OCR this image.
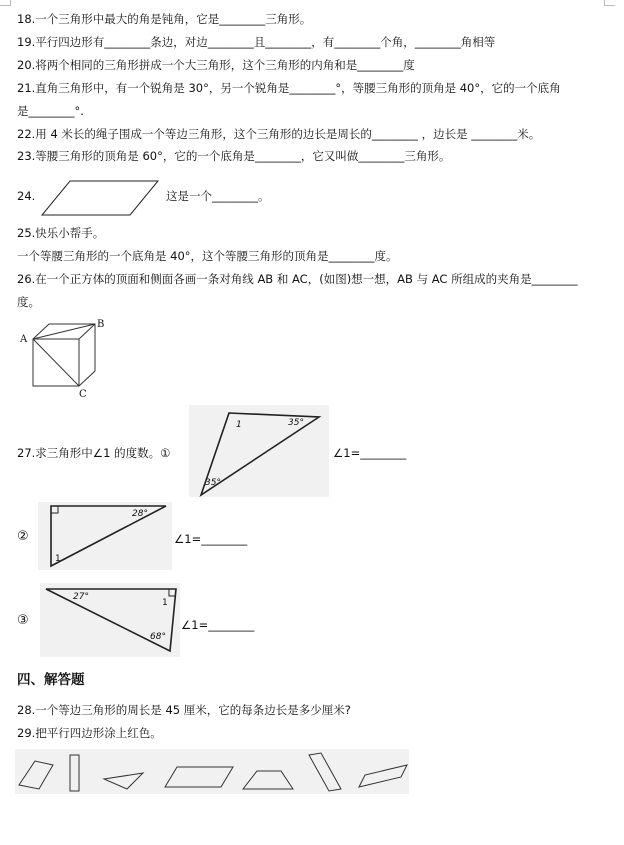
18.一个三角形中最大的角是钝角，它是________三角形。
19.平行四边形有________条边，对边________且________，有________个角，________角相等
20.将两个相同的三角形拼成一个大三角形，这个三角形的内角和是________度
21.直角三角形中，有一个锐角是 30°，另一个锐角是________°，等腰三角形的顶角是 40°，它的一个底角
是________°.
22.用 4 米长的绳子围成一个等边三角形，这个三角形的边长是周长的________ ，边长是 ________米。
23.等腰三角形的顶角是 60°，它的一个底角是________，它又叫做________三角形。
24.	这是一个________。
25.快乐小帮手。
一个等腰三角形的一个底角是 40°，这个等腰三角形的顶角是________度。
26.在一个正方体的顶面和侧面各画一条对角线 AB 和 AC，(如图)想一想，AB 与 AC 所组成的夹角是________
度。
A
B
C
27.求三角形中∠1 的度数。①
1	35°
35°
∠1=________
②
28°
1
∠1=________
③
27°
1
68°
∠1=________
四、解答题
28.一个等边三角形的周长是 45 厘米，它的每条边长是多少厘米?
29.把平行四边形涂上红色。
